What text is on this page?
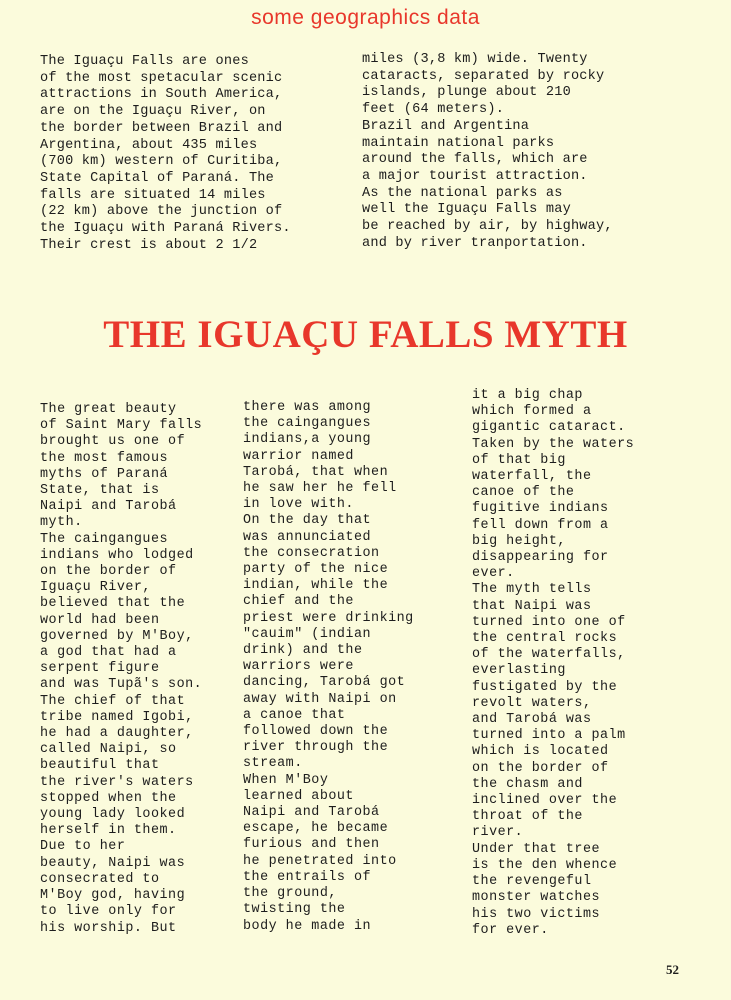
some geographics data

The Iguaçu Falls are ones
of the most spetacular scenic
attractions in South America,
are on the Iguaçu River, on
the border between Brazil and
Argentina, about 435 miles
(700 km) western of Curitiba,
State Capital of Paraná. The
falls are situated 14 miles
(22 km) above the junction of
the Iguaçu with Paraná Rivers.
Their crest is about 2 1/2

miles (3,8 km) wide. Twenty
cataracts, separated by rocky
islands, plunge about 210
feet (64 meters).
Brazil and Argentina
maintain national parks
around the falls, which are
a major tourist attraction.
As the national parks as
well the Iguaçu Falls may
be reached by air, by highway,
and by river tranportation.

THE IGUAÇU FALLS MYTH

The great beauty
of Saint Mary falls
brought us one of
the most famous
myths of Paraná
State, that is
Naipi and Tarobá
myth.
The caingangues
indians who lodged
on the border of
Iguaçu River,
believed that the
world had been
governed by M'Boy,
a god that had a
serpent figure
and was Tupã's son.
The chief of that
tribe named Igobi,
he had a daughter,
called Naipi, so
beautiful that
the river's waters
stopped when the
young lady looked
herself in them.
Due to her
beauty, Naipi was
consecrated to
M'Boy god, having
to live only for
his worship. But

there was among
the caingangues
indians,a young
warrior named
Tarobá, that when
he saw her he fell
in love with.
On the day that
was annunciated
the consecration
party of the nice
indian, while the
chief and the
priest were drinking
"cauim" (indian
drink) and the
warriors were
dancing, Tarobá got
away with Naipi on
a canoe that
followed down the
river through the
stream.
When M'Boy
learned about
Naipi and Tarobá
escape, he became
furious and then
he penetrated into
the entrails of
the ground,
twisting the
body he made in

it a big chap
which formed a
gigantic cataract.
Taken by the waters
of that big
waterfall, the
canoe of the
fugitive indians
fell down from a
big height,
disappearing for
ever.
The myth tells
that Naipi was
turned into one of
the central rocks
of the waterfalls,
everlasting
fustigated by the
revolt waters,
and Tarobá was
turned into a palm
which is located
on the border of
the chasm and
inclined over the
throat of the
river.
Under that tree
is the den whence
the revengeful
monster watches
his two victims
for ever.

52
